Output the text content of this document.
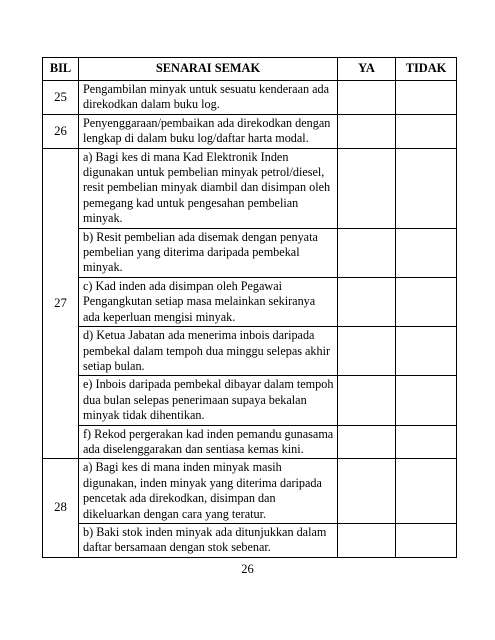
BIL	SENARAI SEMAK	YA	TIDAK
25	Pengambilan minyak untuk sesuatu kenderaan ada direkodkan dalam buku log.		
26	Penyenggaraan/pembaikan ada direkodkan dengan lengkap di dalam buku log/daftar harta modal.		
27	a) Bagi kes di mana Kad Elektronik Inden digunakan untuk pembelian minyak petrol/diesel, resit pembelian minyak diambil dan disimpan oleh pemegang kad untuk pengesahan pembelian minyak.		
	b) Resit pembelian ada disemak dengan penyata pembelian yang diterima daripada pembekal minyak.		
	c) Kad inden ada disimpan oleh Pegawai Pengangkutan setiap masa melainkan sekiranya ada keperluan mengisi minyak.		
	d) Ketua Jabatan ada menerima inbois daripada pembekal dalam tempoh dua minggu selepas akhir setiap bulan.		
	e) Inbois daripada pembekal dibayar dalam tempoh dua bulan selepas penerimaan supaya bekalan minyak tidak dihentikan.		
	f) Rekod pergerakan kad inden pemandu gunasama ada diselenggarakan dan sentiasa kemas kini.		
28	a) Bagi kes di mana inden minyak masih digunakan, inden minyak yang diterima daripada pencetak ada direkodkan, disimpan dan dikeluarkan dengan cara yang teratur.		
	b) Baki stok inden minyak ada ditunjukkan dalam daftar bersamaan dengan stok sebenar.		
26
